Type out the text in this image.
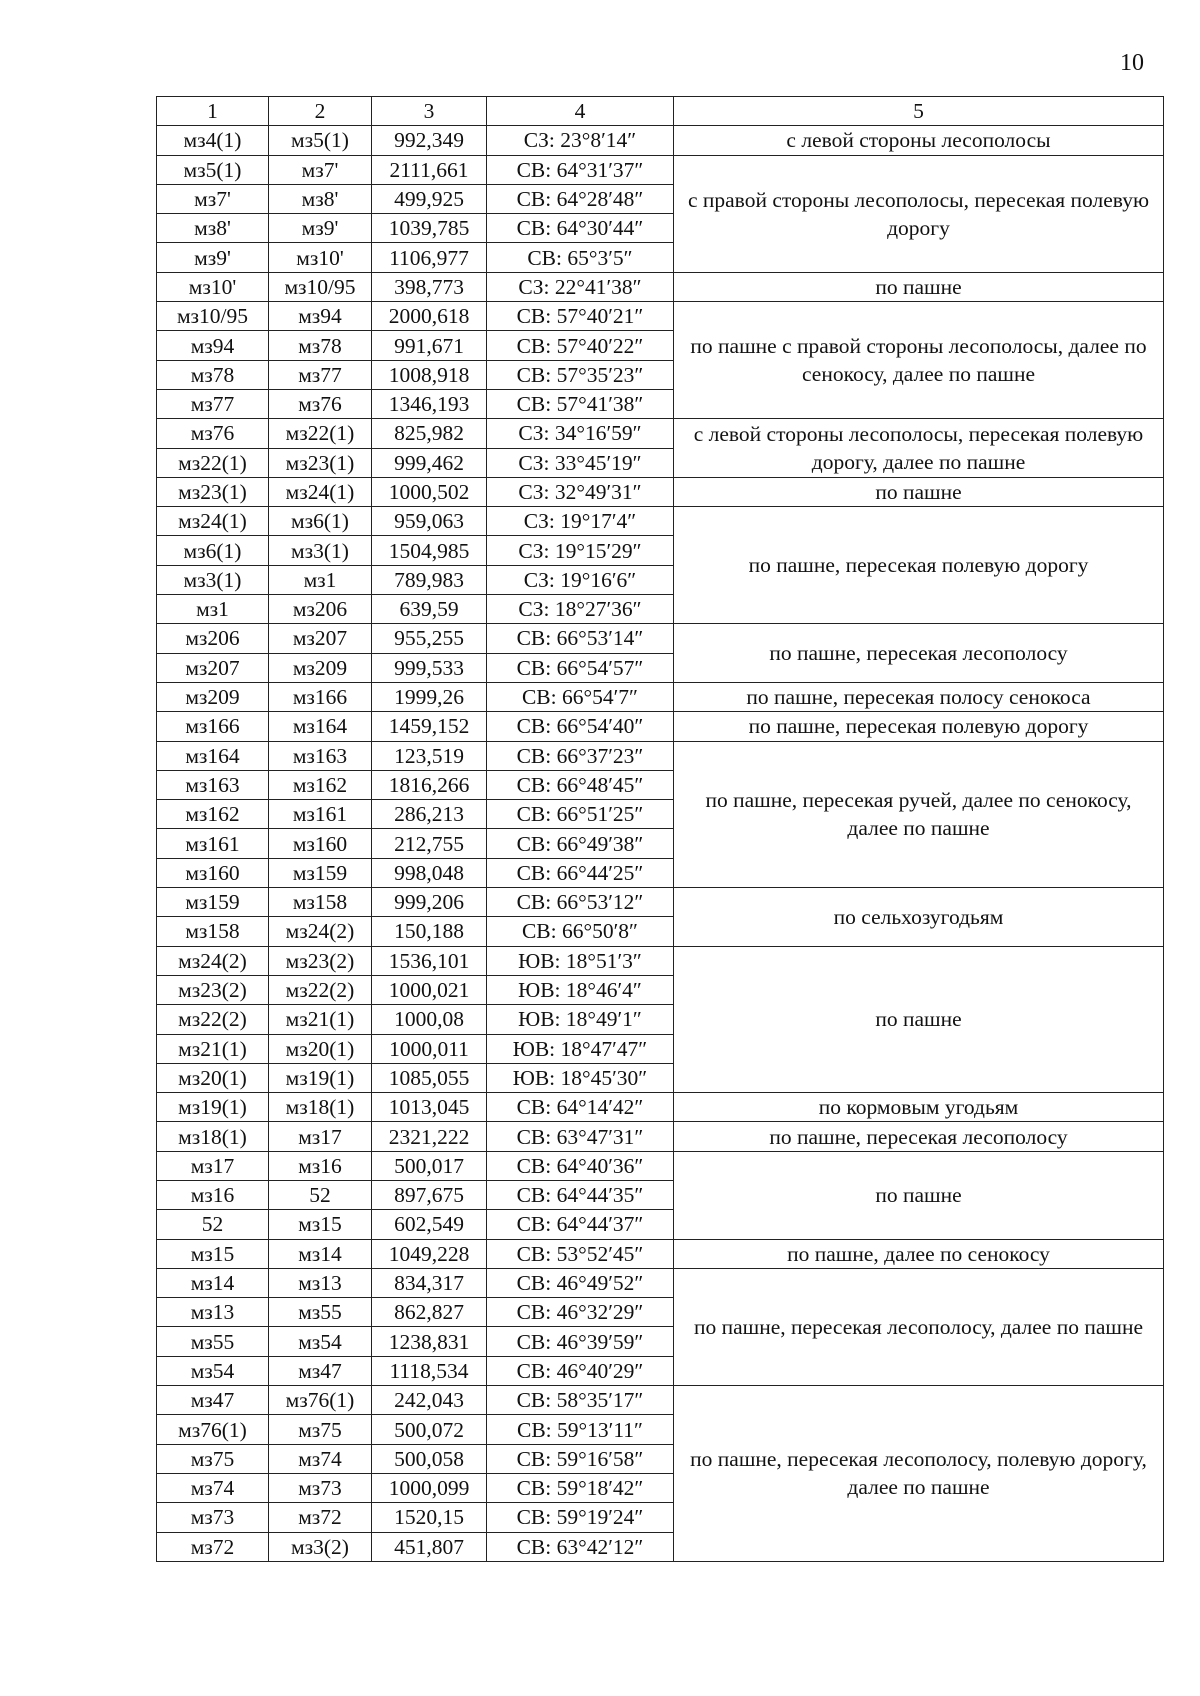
10
1	2	3	4	5
мз4(1)	мз5(1)	992,349	СЗ: 23°8′14″	с левой стороны лесополосы
мз5(1)	мз7'	2111,661	СВ: 64°31′37″	с правой стороны лесополосы, пересекая полевую дорогу
мз7'	мз8'	499,925	СВ: 64°28′48″	
мз8'	мз9'	1039,785	СВ: 64°30′44″	
мз9'	мз10'	1106,977	СВ: 65°3′5″	
мз10'	мз10/95	398,773	СЗ: 22°41′38″	по пашне
мз10/95	мз94	2000,618	СВ: 57°40′21″	по пашне с правой стороны лесополосы, далее по сенокосу, далее по пашне
мз94	мз78	991,671	СВ: 57°40′22″	
мз78	мз77	1008,918	СВ: 57°35′23″	
мз77	мз76	1346,193	СВ: 57°41′38″	
мз76	мз22(1)	825,982	СЗ: 34°16′59″	с левой стороны лесополосы, пересекая полевую дорогу, далее по пашне
мз22(1)	мз23(1)	999,462	СЗ: 33°45′19″	
мз23(1)	мз24(1)	1000,502	СЗ: 32°49′31″	по пашне
мз24(1)	мз6(1)	959,063	СЗ: 19°17′4″	по пашне, пересекая полевую дорогу
мз6(1)	мз3(1)	1504,985	СЗ: 19°15′29″	
мз3(1)	мз1	789,983	СЗ: 19°16′6″	
мз1	мз206	639,59	СЗ: 18°27′36″	
мз206	мз207	955,255	СВ: 66°53′14″	по пашне, пересекая лесополосу
мз207	мз209	999,533	СВ: 66°54′57″	
мз209	мз166	1999,26	СВ: 66°54′7″	по пашне, пересекая полосу сенокоса
мз166	мз164	1459,152	СВ: 66°54′40″	по пашне, пересекая полевую дорогу
мз164	мз163	123,519	СВ: 66°37′23″	по пашне, пересекая ручей, далее по сенокосу, далее по пашне
мз163	мз162	1816,266	СВ: 66°48′45″	
мз162	мз161	286,213	СВ: 66°51′25″	
мз161	мз160	212,755	СВ: 66°49′38″	
мз160	мз159	998,048	СВ: 66°44′25″	
мз159	мз158	999,206	СВ: 66°53′12″	по сельхозугодьям
мз158	мз24(2)	150,188	СВ: 66°50′8″	
мз24(2)	мз23(2)	1536,101	ЮВ: 18°51′3″	по пашне
мз23(2)	мз22(2)	1000,021	ЮВ: 18°46′4″	
мз22(2)	мз21(1)	1000,08	ЮВ: 18°49′1″	
мз21(1)	мз20(1)	1000,011	ЮВ: 18°47′47″	
мз20(1)	мз19(1)	1085,055	ЮВ: 18°45′30″	
мз19(1)	мз18(1)	1013,045	СВ: 64°14′42″	по кормовым угодьям
мз18(1)	мз17	2321,222	СВ: 63°47′31″	по пашне, пересекая лесополосу
мз17	мз16	500,017	СВ: 64°40′36″	по пашне
мз16	52	897,675	СВ: 64°44′35″	
52	мз15	602,549	СВ: 64°44′37″	
мз15	мз14	1049,228	СВ: 53°52′45″	по пашне, далее по сенокосу
мз14	мз13	834,317	СВ: 46°49′52″	по пашне, пересекая лесополосу, далее по пашне
мз13	мз55	862,827	СВ: 46°32′29″	
мз55	мз54	1238,831	СВ: 46°39′59″	
мз54	мз47	1118,534	СВ: 46°40′29″	
мз47	мз76(1)	242,043	СВ: 58°35′17″	по пашне, пересекая лесополосу, полевую дорогу, далее по пашне
мз76(1)	мз75	500,072	СВ: 59°13′11″	
мз75	мз74	500,058	СВ: 59°16′58″	
мз74	мз73	1000,099	СВ: 59°18′42″	
мз73	мз72	1520,15	СВ: 59°19′24″	
мз72	мз3(2)	451,807	СВ: 63°42′12″	
